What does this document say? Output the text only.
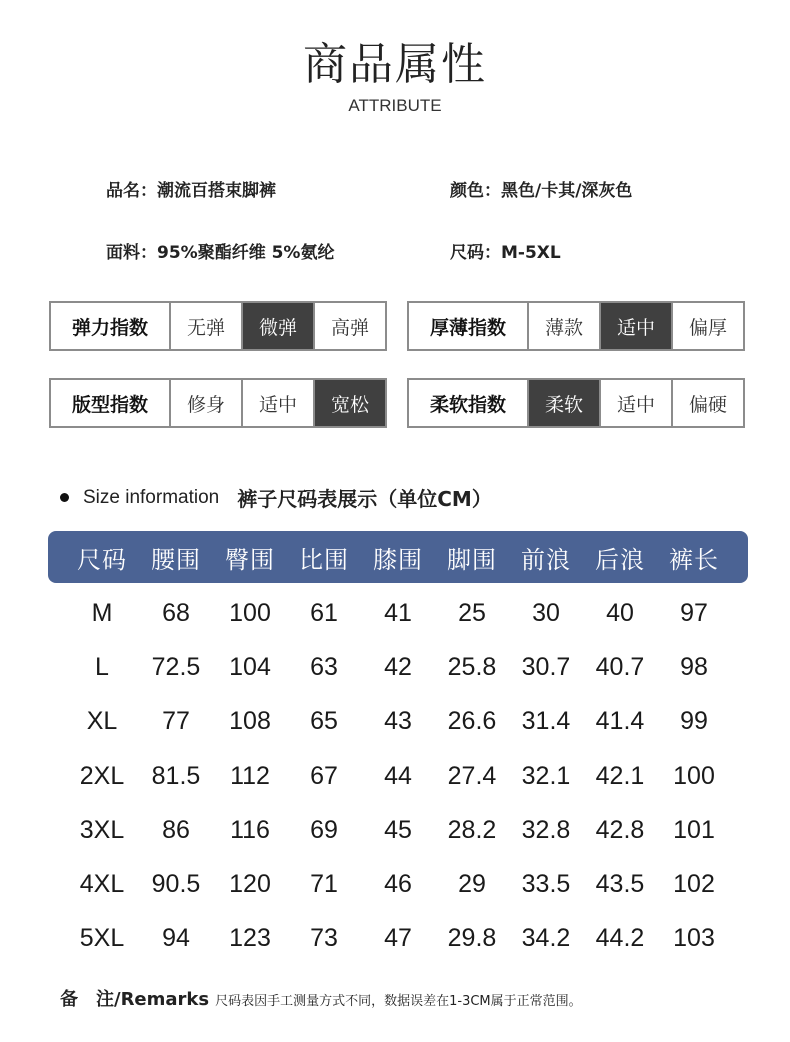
商品属性
ATTRIBUTE
品名：潮流百搭束脚裤	颜色：黑色/卡其/深灰色
面料：95%聚酯纤维 5%氨纶	尺码：M-5XL
弹力指数	无弹	微弹	高弹	厚薄指数	薄款	适中	偏厚
版型指数	修身	适中	宽松	柔软指数	柔软	适中	偏硬
Size information 裤子尺码表展示（单位CM）
尺码	腰围	臀围	比围	膝围	脚围	前浪	后浪	裤长
M	68	100	61	41	25	30	40	97
L	72.5	104	63	42	25.8	30.7	40.7	98
XL	77	108	65	43	26.6	31.4	41.4	99
2XL	81.5	112	67	44	27.4	32.1	42.1	100
3XL	86	116	69	45	28.2	32.8	42.8	101
4XL	90.5	120	71	46	29	33.5	43.5	102
5XL	94	123	73	47	29.8	34.2	44.2	103
备　注/Remarks 尺码表因手工测量方式不同，数据误差在1-3CM属于正常范围。
